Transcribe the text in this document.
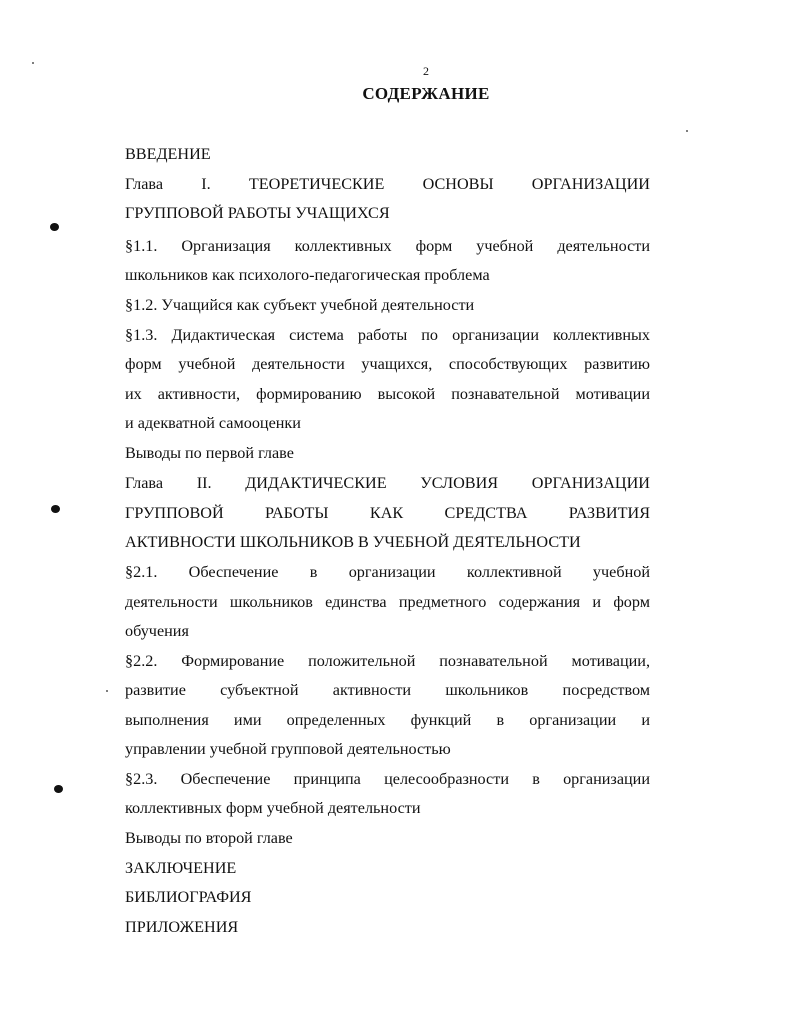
2
СОДЕРЖАНИЕ
ВВЕДЕНИЕ
Глава I. ТЕОРЕТИЧЕСКИЕ ОСНОВЫ ОРГАНИЗАЦИИ
ГРУППОВОЙ РАБОТЫ УЧАЩИХСЯ
§1.1. Организация коллективных форм учебной деятельности
школьников как психолого-педагогическая проблема
§1.2. Учащийся как субъект учебной деятельности
§1.3. Дидактическая система работы по организации коллективных
форм учебной деятельности учащихся, способствующих развитию
их активности, формированию высокой познавательной мотивации
и адекватной самооценки
Выводы по первой главе
Глава II. ДИДАКТИЧЕСКИЕ УСЛОВИЯ ОРГАНИЗАЦИИ
ГРУППОВОЙ РАБОТЫ КАК СРЕДСТВА РАЗВИТИЯ
АКТИВНОСТИ ШКОЛЬНИКОВ В УЧЕБНОЙ ДЕЯТЕЛЬНОСТИ
§2.1. Обеспечение в организации коллективной учебной
деятельности школьников единства предметного содержания и форм
обучения
§2.2. Формирование положительной познавательной мотивации,
развитие субъектной активности школьников посредством
выполнения ими определенных функций в организации и
управлении учебной групповой деятельностью
§2.3. Обеспечение принципа целесообразности в организации
коллективных форм учебной деятельности
Выводы по второй главе
ЗАКЛЮЧЕНИЕ
БИБЛИОГРАФИЯ
ПРИЛОЖЕНИЯ
